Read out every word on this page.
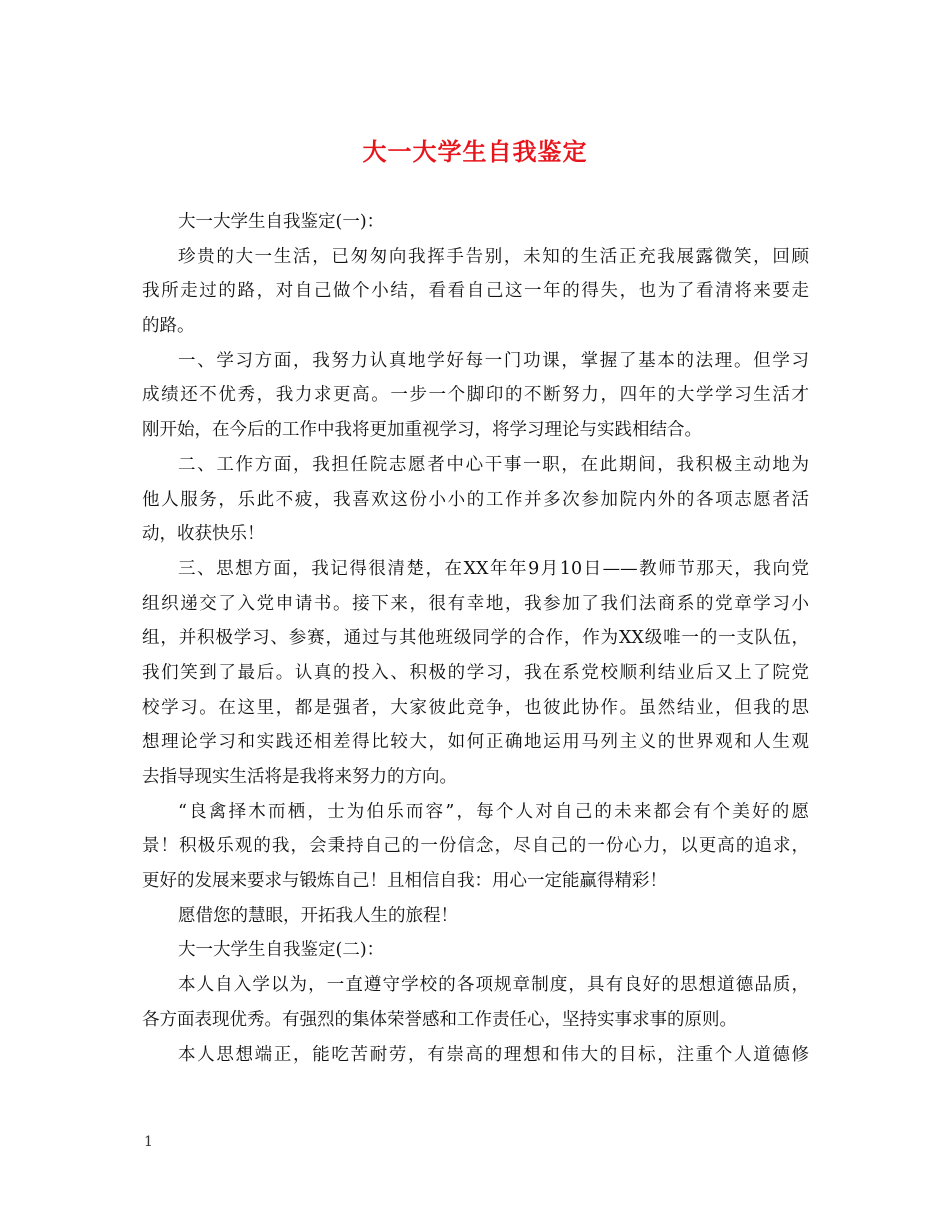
大一大学生自我鉴定
大一大学生自我鉴定(一)：
珍贵的大一生活，已匆匆向我挥手告别，未知的生活正充我展露微笑，回顾
我所走过的路，对自己做个小结，看看自己这一年的得失，也为了看清将来要走
的路。
一、学习方面，我努力认真地学好每一门功课，掌握了基本的法理。但学习
成绩还不优秀，我力求更高。一步一个脚印的不断努力，四年的大学学习生活才
刚开始，在今后的工作中我将更加重视学习，将学习理论与实践相结合。
二、工作方面，我担任院志愿者中心干事一职，在此期间，我积极主动地为
他人服务，乐此不疲，我喜欢这份小小的工作并多次参加院内外的各项志愿者活
动，收获快乐！
三、思想方面，我记得很清楚，在XX年年9月10日——教师节那天，我向党
组织递交了入党申请书。接下来，很有幸地，我参加了我们法商系的党章学习小
组，并积极学习、参赛，通过与其他班级同学的合作，作为XX级唯一的一支队伍，
我们笑到了最后。认真的投入、积极的学习，我在系党校顺利结业后又上了院党
校学习。在这里，都是强者，大家彼此竞争，也彼此协作。虽然结业，但我的思
想理论学习和实践还相差得比较大，如何正确地运用马列主义的世界观和人生观
去指导现实生活将是我将来努力的方向。
“良禽择木而栖，士为伯乐而容”，每个人对自己的未来都会有个美好的愿
景！积极乐观的我，会秉持自己的一份信念，尽自己的一份心力，以更高的追求，
更好的发展来要求与锻炼自己！且相信自我：用心一定能赢得精彩！
愿借您的慧眼，开拓我人生的旅程！
大一大学生自我鉴定(二)：
本人自入学以为，一直遵守学校的各项规章制度，具有良好的思想道德品质，
各方面表现优秀。有强烈的集体荣誉感和工作责任心，坚持实事求事的原则。
本人思想端正，能吃苦耐劳，有崇高的理想和伟大的目标，注重个人道德修
1
